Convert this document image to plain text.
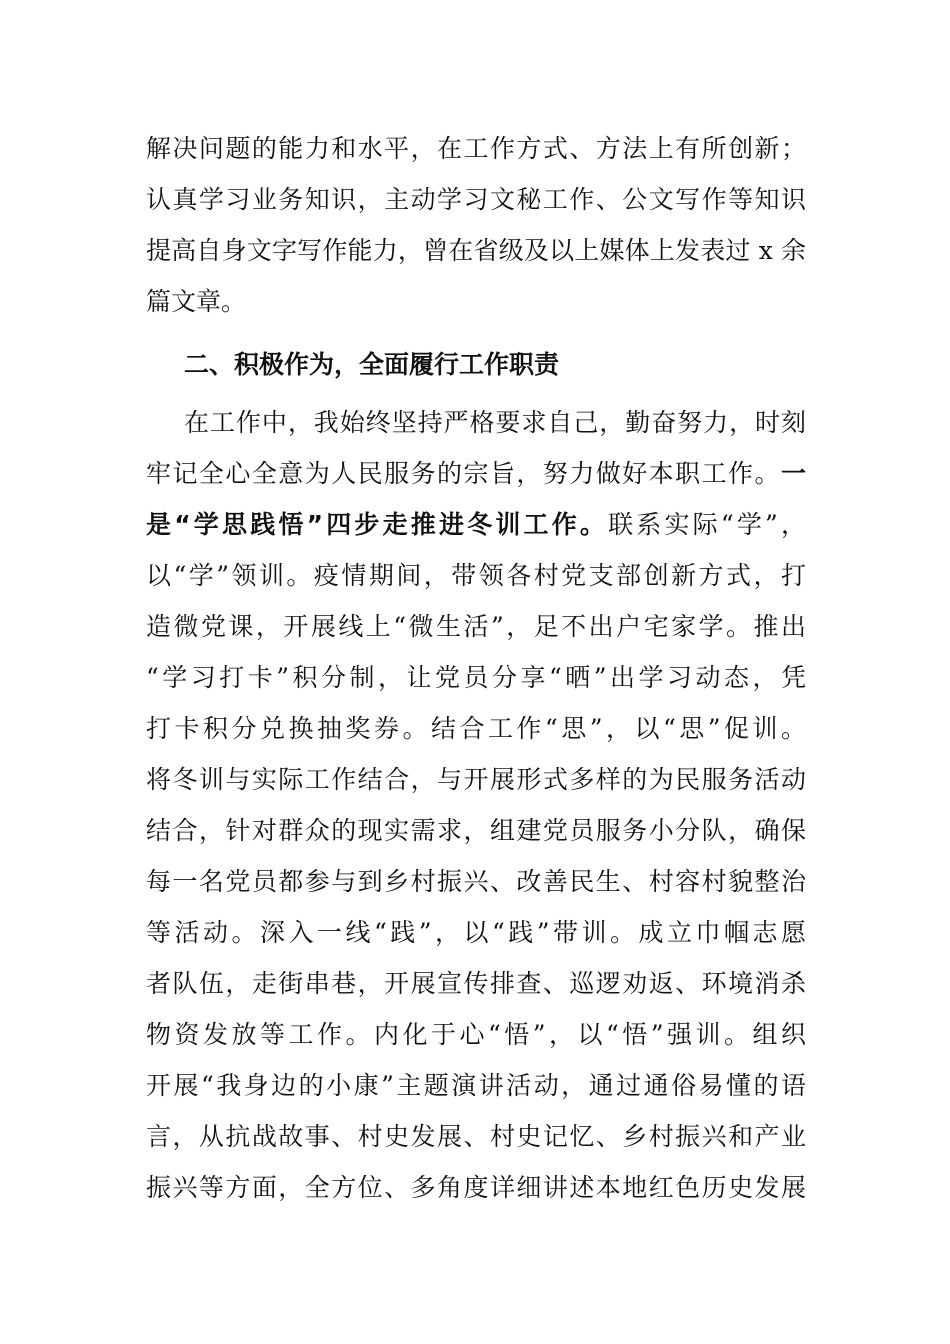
解决问题的能力和水平，在工作方式、方法上有所创新；
认真学习业务知识，主动学习文秘工作、公文写作等知识
提高自身文字写作能力，曾在省级及以上媒体上发表过 x 余
篇文章。
二、积极作为，全面履行工作职责
在工作中，我始终坚持严格要求自己，勤奋努力，时刻
牢记全心全意为人民服务的宗旨，努力做好本职工作。一
是“学思践悟”四步走推进冬训工作。联系实际“学”，
以“学”领训。疫情期间，带领各村党支部创新方式，打
造微党课，开展线上“微生活”，足不出户宅家学。推出
“学习打卡”积分制，让党员分享“晒”出学习动态，凭
打卡积分兑换抽奖券。结合工作“思”，以“思”促训。
将冬训与实际工作结合，与开展形式多样的为民服务活动
结合，针对群众的现实需求，组建党员服务小分队，确保
每一名党员都参与到乡村振兴、改善民生、村容村貌整治
等活动。深入一线“践”，以“践”带训。成立巾帼志愿
者队伍，走街串巷，开展宣传排查、巡逻劝返、环境消杀
物资发放等工作。内化于心“悟”，以“悟”强训。组织
开展“我身边的小康”主题演讲活动，通过通俗易懂的语
言，从抗战故事、村史发展、村史记忆、乡村振兴和产业
振兴等方面，全方位、多角度详细讲述本地红色历史发展
